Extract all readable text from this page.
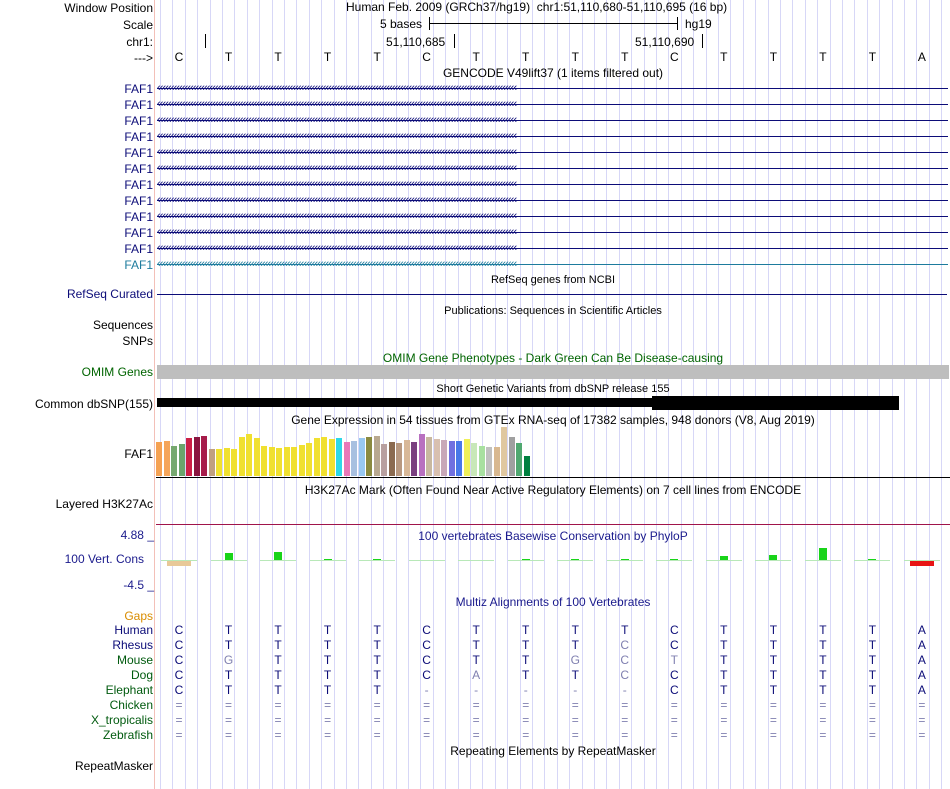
Window Position
Scale
chr1:
--->
Human Feb. 2009 (GRCh37/hg19) chr1:51,110,680-51,110,695 (16 bp)
5 bases	hg19
51,110,685	51,110,690
C	T	T	T	T	C	T	T	T	T	C	T	T	T	T	A
GENCODE V49lift37 (1 items filtered out)
FAF1 ‹‹‹‹‹‹‹‹‹‹‹‹‹‹‹‹‹‹‹‹‹‹‹‹‹‹‹‹‹‹‹‹‹‹‹‹‹‹‹‹‹‹‹‹‹‹‹‹‹‹‹‹‹‹‹‹‹‹‹‹‹‹‹‹‹‹‹‹‹‹‹‹‹‹‹‹‹‹‹‹‹‹‹‹‹‹‹‹‹‹‹‹‹‹‹‹‹‹‹‹‹‹‹‹‹‹‹‹‹‹‹‹‹‹‹‹‹‹‹‹‹‹‹‹‹‹‹‹‹‹
FAF1 ‹‹‹‹‹‹‹‹‹‹‹‹‹‹‹‹‹‹‹‹‹‹‹‹‹‹‹‹‹‹‹‹‹‹‹‹‹‹‹‹‹‹‹‹‹‹‹‹‹‹‹‹‹‹‹‹‹‹‹‹‹‹‹‹‹‹‹‹‹‹‹‹‹‹‹‹‹‹‹‹‹‹‹‹‹‹‹‹‹‹‹‹‹‹‹‹‹‹‹‹‹‹‹‹‹‹‹‹‹‹‹‹‹‹‹‹‹‹‹‹‹‹‹‹‹‹‹‹‹‹
FAF1 ‹‹‹‹‹‹‹‹‹‹‹‹‹‹‹‹‹‹‹‹‹‹‹‹‹‹‹‹‹‹‹‹‹‹‹‹‹‹‹‹‹‹‹‹‹‹‹‹‹‹‹‹‹‹‹‹‹‹‹‹‹‹‹‹‹‹‹‹‹‹‹‹‹‹‹‹‹‹‹‹‹‹‹‹‹‹‹‹‹‹‹‹‹‹‹‹‹‹‹‹‹‹‹‹‹‹‹‹‹‹‹‹‹‹‹‹‹‹‹‹‹‹‹‹‹‹‹‹‹‹
FAF1 ‹‹‹‹‹‹‹‹‹‹‹‹‹‹‹‹‹‹‹‹‹‹‹‹‹‹‹‹‹‹‹‹‹‹‹‹‹‹‹‹‹‹‹‹‹‹‹‹‹‹‹‹‹‹‹‹‹‹‹‹‹‹‹‹‹‹‹‹‹‹‹‹‹‹‹‹‹‹‹‹‹‹‹‹‹‹‹‹‹‹‹‹‹‹‹‹‹‹‹‹‹‹‹‹‹‹‹‹‹‹‹‹‹‹‹‹‹‹‹‹‹‹‹‹‹‹‹‹‹‹
FAF1 ‹‹‹‹‹‹‹‹‹‹‹‹‹‹‹‹‹‹‹‹‹‹‹‹‹‹‹‹‹‹‹‹‹‹‹‹‹‹‹‹‹‹‹‹‹‹‹‹‹‹‹‹‹‹‹‹‹‹‹‹‹‹‹‹‹‹‹‹‹‹‹‹‹‹‹‹‹‹‹‹‹‹‹‹‹‹‹‹‹‹‹‹‹‹‹‹‹‹‹‹‹‹‹‹‹‹‹‹‹‹‹‹‹‹‹‹‹‹‹‹‹‹‹‹‹‹‹‹‹‹
FAF1 ‹‹‹‹‹‹‹‹‹‹‹‹‹‹‹‹‹‹‹‹‹‹‹‹‹‹‹‹‹‹‹‹‹‹‹‹‹‹‹‹‹‹‹‹‹‹‹‹‹‹‹‹‹‹‹‹‹‹‹‹‹‹‹‹‹‹‹‹‹‹‹‹‹‹‹‹‹‹‹‹‹‹‹‹‹‹‹‹‹‹‹‹‹‹‹‹‹‹‹‹‹‹‹‹‹‹‹‹‹‹‹‹‹‹‹‹‹‹‹‹‹‹‹‹‹‹‹‹‹‹
FAF1 ‹‹‹‹‹‹‹‹‹‹‹‹‹‹‹‹‹‹‹‹‹‹‹‹‹‹‹‹‹‹‹‹‹‹‹‹‹‹‹‹‹‹‹‹‹‹‹‹‹‹‹‹‹‹‹‹‹‹‹‹‹‹‹‹‹‹‹‹‹‹‹‹‹‹‹‹‹‹‹‹‹‹‹‹‹‹‹‹‹‹‹‹‹‹‹‹‹‹‹‹‹‹‹‹‹‹‹‹‹‹‹‹‹‹‹‹‹‹‹‹‹‹‹‹‹‹‹‹‹‹
FAF1 ‹‹‹‹‹‹‹‹‹‹‹‹‹‹‹‹‹‹‹‹‹‹‹‹‹‹‹‹‹‹‹‹‹‹‹‹‹‹‹‹‹‹‹‹‹‹‹‹‹‹‹‹‹‹‹‹‹‹‹‹‹‹‹‹‹‹‹‹‹‹‹‹‹‹‹‹‹‹‹‹‹‹‹‹‹‹‹‹‹‹‹‹‹‹‹‹‹‹‹‹‹‹‹‹‹‹‹‹‹‹‹‹‹‹‹‹‹‹‹‹‹‹‹‹‹‹‹‹‹‹
FAF1 ‹‹‹‹‹‹‹‹‹‹‹‹‹‹‹‹‹‹‹‹‹‹‹‹‹‹‹‹‹‹‹‹‹‹‹‹‹‹‹‹‹‹‹‹‹‹‹‹‹‹‹‹‹‹‹‹‹‹‹‹‹‹‹‹‹‹‹‹‹‹‹‹‹‹‹‹‹‹‹‹‹‹‹‹‹‹‹‹‹‹‹‹‹‹‹‹‹‹‹‹‹‹‹‹‹‹‹‹‹‹‹‹‹‹‹‹‹‹‹‹‹‹‹‹‹‹‹‹‹‹
FAF1 ‹‹‹‹‹‹‹‹‹‹‹‹‹‹‹‹‹‹‹‹‹‹‹‹‹‹‹‹‹‹‹‹‹‹‹‹‹‹‹‹‹‹‹‹‹‹‹‹‹‹‹‹‹‹‹‹‹‹‹‹‹‹‹‹‹‹‹‹‹‹‹‹‹‹‹‹‹‹‹‹‹‹‹‹‹‹‹‹‹‹‹‹‹‹‹‹‹‹‹‹‹‹‹‹‹‹‹‹‹‹‹‹‹‹‹‹‹‹‹‹‹‹‹‹‹‹‹‹‹‹
FAF1 ‹‹‹‹‹‹‹‹‹‹‹‹‹‹‹‹‹‹‹‹‹‹‹‹‹‹‹‹‹‹‹‹‹‹‹‹‹‹‹‹‹‹‹‹‹‹‹‹‹‹‹‹‹‹‹‹‹‹‹‹‹‹‹‹‹‹‹‹‹‹‹‹‹‹‹‹‹‹‹‹‹‹‹‹‹‹‹‹‹‹‹‹‹‹‹‹‹‹‹‹‹‹‹‹‹‹‹‹‹‹‹‹‹‹‹‹‹‹‹‹‹‹‹‹‹‹‹‹‹‹
FAF1 ‹‹‹‹‹‹‹‹‹‹‹‹‹‹‹‹‹‹‹‹‹‹‹‹‹‹‹‹‹‹‹‹‹‹‹‹‹‹‹‹‹‹‹‹‹‹‹‹‹‹‹‹‹‹‹‹‹‹‹‹‹‹‹‹‹‹‹‹‹‹‹‹‹‹‹‹‹‹‹‹‹‹‹‹‹‹‹‹‹‹‹‹‹‹‹‹‹‹‹‹‹‹‹‹‹‹‹‹‹‹‹‹‹‹‹‹‹‹‹‹‹‹‹‹‹‹‹‹‹‹
RefSeq genes from NCBI
RefSeq Curated
Publications: Sequences in Scientific Articles
Sequences
SNPs
OMIM Gene Phenotypes - Dark Green Can Be Disease-causing
OMIM Genes
Short Genetic Variants from dbSNP release 155
Common dbSNP(155)
Gene Expression in 54 tissues from GTEx RNA-seq of 17382 samples, 948 donors (V8, Aug 2019)
FAF1
H3K27Ac Mark (Often Found Near Active Regulatory Elements) on 7 cell lines from ENCODE
Layered H3K27Ac
100 vertebrates Basewise Conservation by PhyloP
4.88 _
100 Vert. Cons
-4.5 _
Multiz Alignments of 100 Vertebrates
Gaps
Human C	T	T	T	T	C	T	T	T	T	C	T	T	T	T	A
Rhesus C	T	T	T	T	C	T	T	T	C	C	T	T	T	T	A
Mouse C	G	T	T	T	C	T	T	G	C	T	T	T	T	T	A
Dog C	T	T	T	T	C	A	T	T	C	C	T	T	T	T	A
Elephant C	T	T	T	T	-	-	-	-	-	C	T	T	T	T	A
Chicken =	=	=	=	=	=	=	=	=	=	=	=	=	=	=	=
X_tropicalis =	=	=	=	=	=	=	=	=	=	=	=	=	=	=	=
Zebrafish =	=	=	=	=	=	=	=	=	=	=	=	=	=	=	=
Repeating Elements by RepeatMasker
RepeatMasker
